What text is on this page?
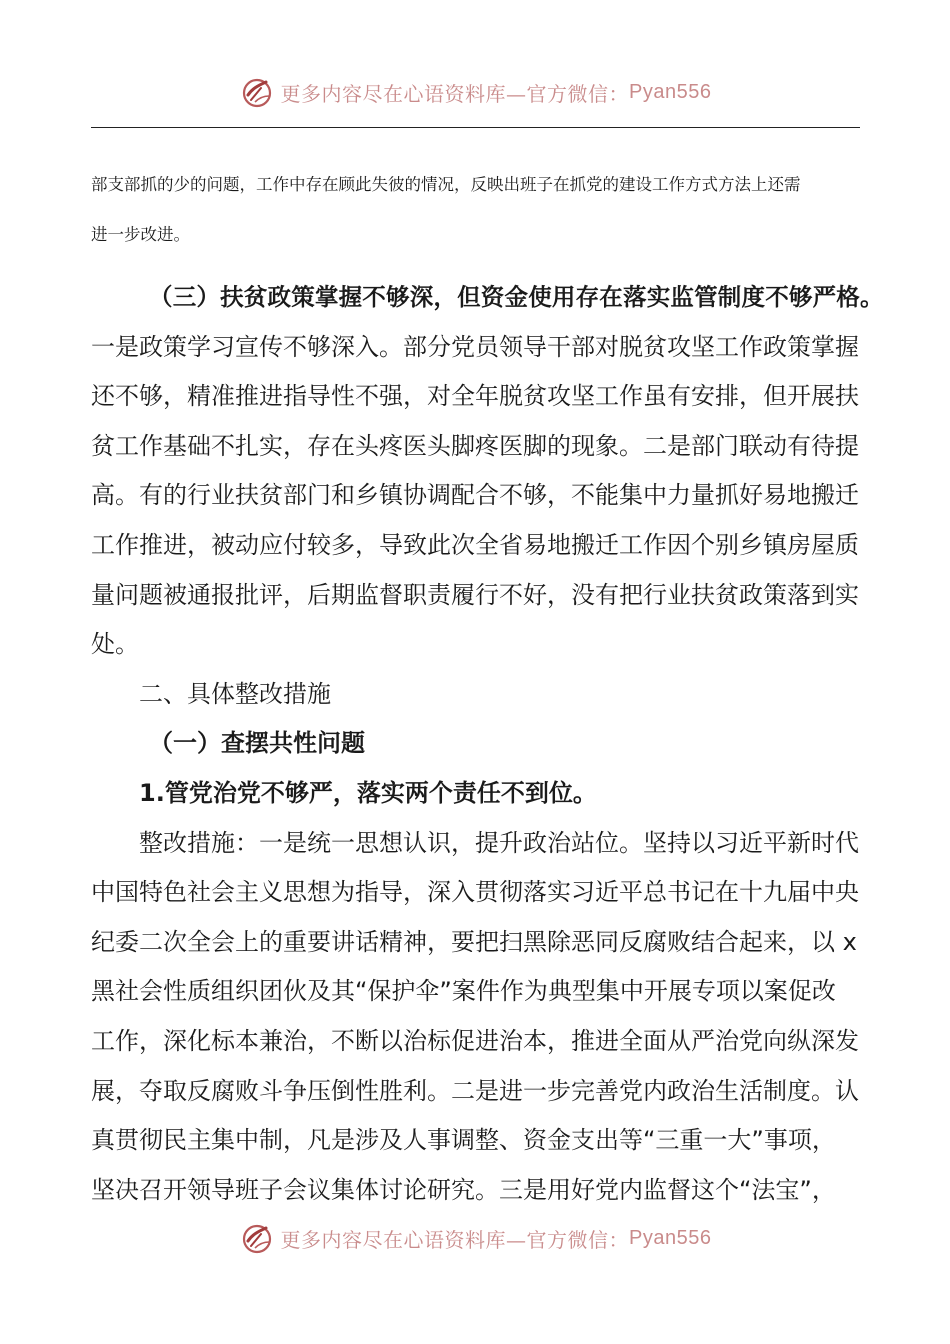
更多内容尽在心语资料库—官方微信： Pyan556

部支部抓的少的问题，工作中存在顾此失彼的情况，反映出班子在抓党的建设工作方式方法上还需

进一步改进。

（三）扶贫政策掌握不够深，但资金使用存在落实监管制度不够严格。

一是政策学习宣传不够深入。部分党员领导干部对脱贫攻坚工作政策掌握

还不够，精准推进指导性不强，对全年脱贫攻坚工作虽有安排，但开展扶

贫工作基础不扎实，存在头疼医头脚疼医脚的现象。二是部门联动有待提

高。有的行业扶贫部门和乡镇协调配合不够，不能集中力量抓好易地搬迁

工作推进，被动应付较多，导致此次全省易地搬迁工作因个别乡镇房屋质

量问题被通报批评，后期监督职责履行不好，没有把行业扶贫政策落到实

处。

二、具体整改措施

（一）查摆共性问题

1.管党治党不够严，落实两个责任不到位。

整改措施：一是统一思想认识，提升政治站位。坚持以习近平新时代

中国特色社会主义思想为指导，深入贯彻落实习近平总书记在十九届中央

纪委二次全会上的重要讲话精神，要把扫黑除恶同反腐败结合起来，以 x

黑社会性质组织团伙及其“保护伞”案件作为典型集中开展专项以案促改

工作，深化标本兼治，不断以治标促进治本，推进全面从严治党向纵深发

展，夺取反腐败斗争压倒性胜利。二是进一步完善党内政治生活制度。认

真贯彻民主集中制，凡是涉及人事调整、资金支出等“三重一大”事项，

坚决召开领导班子会议集体讨论研究。三是用好党内监督这个“法宝”，

更多内容尽在心语资料库—官方微信： Pyan556
